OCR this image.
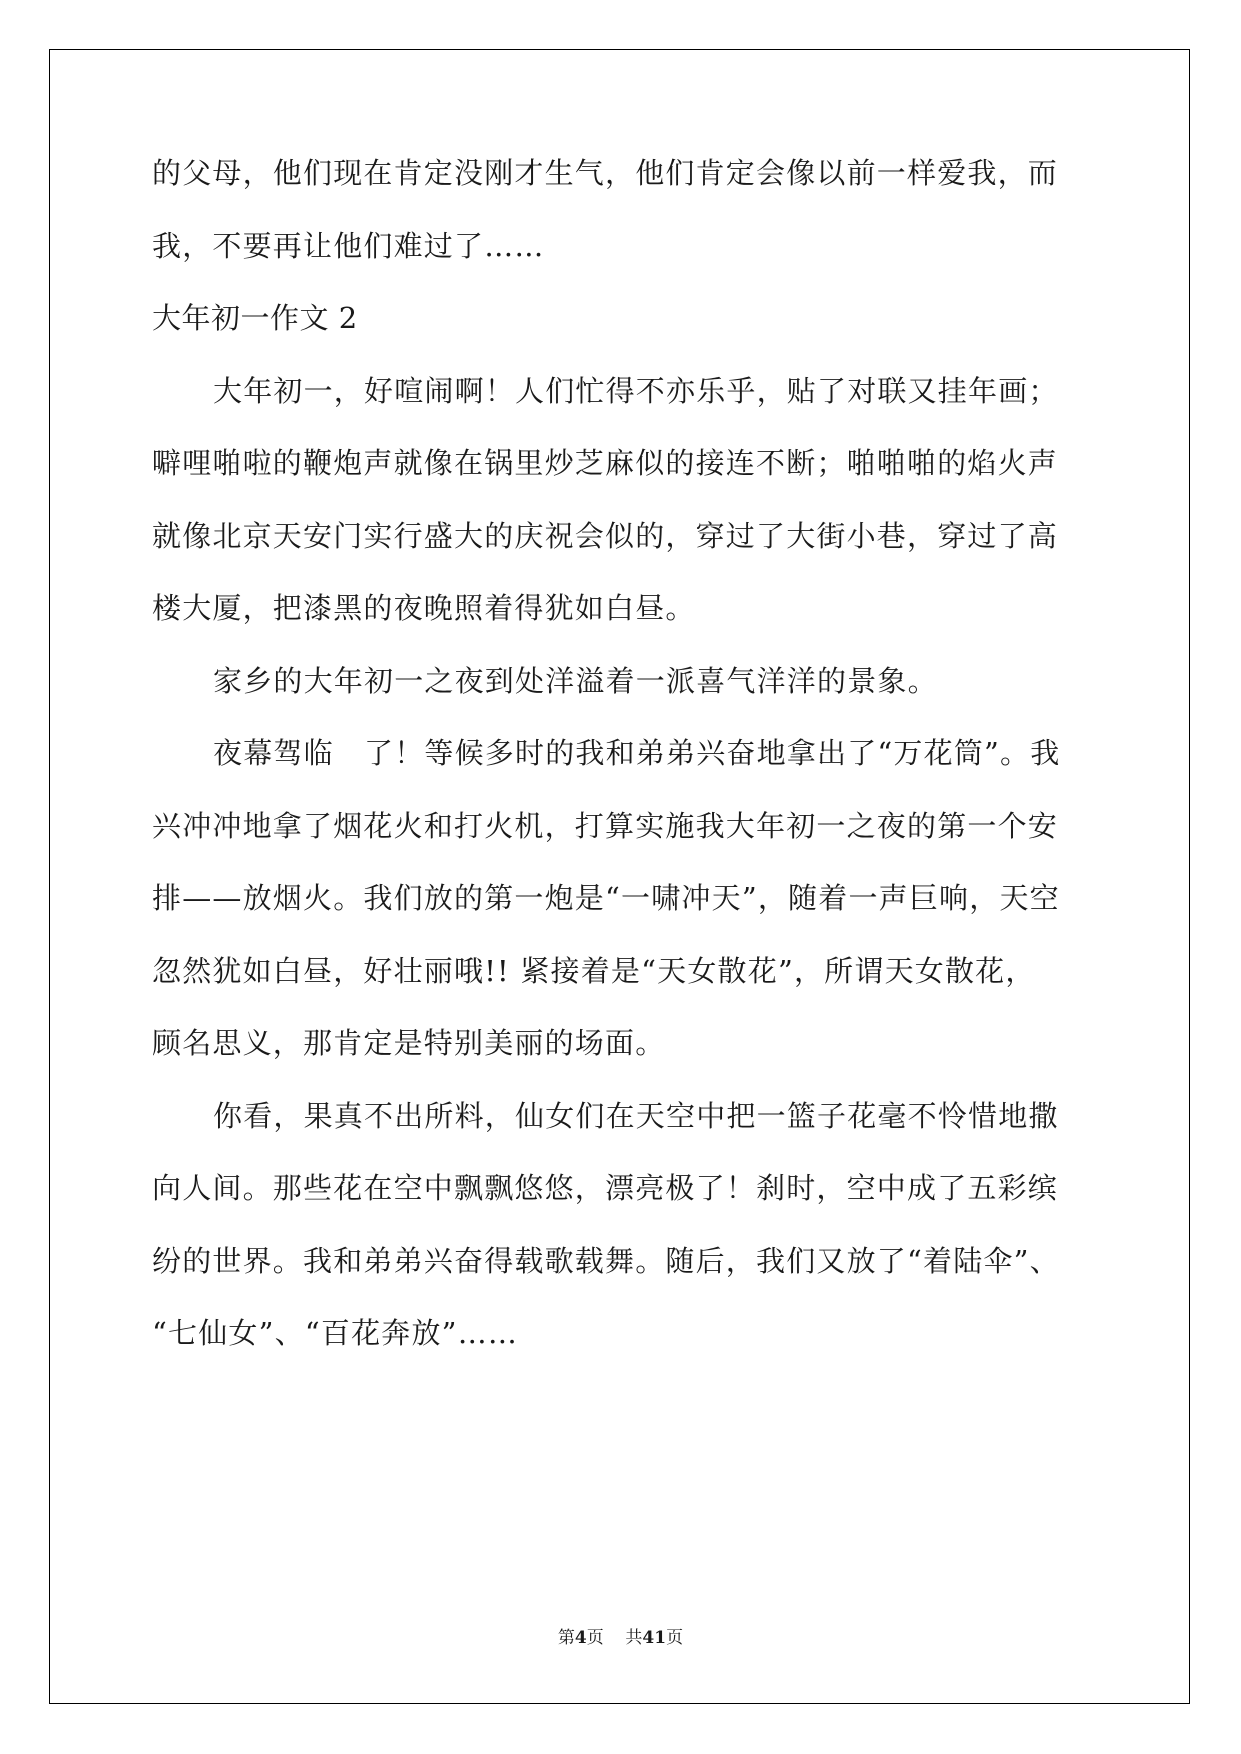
的父母，他们现在肯定没刚才生气，他们肯定会像以前一样爱我，而
我，不要再让他们难过了……
大年初一作文 2
大年初一，好喧闹啊！人们忙得不亦乐乎，贴了对联又挂年画；
噼哩啪啦的鞭炮声就像在锅里炒芝麻似的接连不断；啪啪啪的焰火声
就像北京天安门实行盛大的庆祝会似的，穿过了大街小巷，穿过了高
楼大厦，把漆黑的夜晚照着得犹如白昼。
家乡的大年初一之夜到处洋溢着一派喜气洋洋的景象。
夜幕驾临　了！等候多时的我和弟弟兴奋地拿出了“万花筒”。我
兴冲冲地拿了烟花火和打火机，打算实施我大年初一之夜的第一个安
排——放烟火。我们放的第一炮是“一啸冲天”，随着一声巨响，天空
忽然犹如白昼，好壮丽哦!! 紧接着是“天女散花”，所谓天女散花，
顾名思义，那肯定是特别美丽的场面。
你看，果真不出所料，仙女们在天空中把一篮子花毫不怜惜地撒
向人间。那些花在空中飘飘悠悠，漂亮极了！刹时，空中成了五彩缤
纷的世界。我和弟弟兴奋得载歌载舞。随后，我们又放了“着陆伞”、
“七仙女”、“百花奔放”……
第4页 共41页
